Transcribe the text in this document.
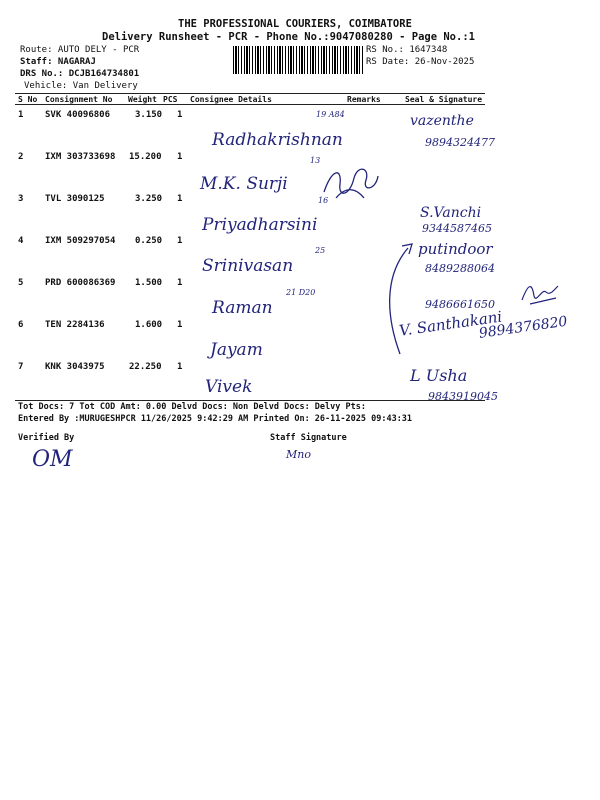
THE PROFESSIONAL COURIERS, COIMBATORE
Delivery Runsheet - PCR - Phone No.:9047080280 - Page No.:1
Route: AUTO DELY - PCR
Staff: NAGARAJ
DRS No.: DCJB164734801
Vehicle: Van Delivery
RS No.: 1647348
RS Date: 26-Nov-2025
S No Consignment No Weight PCS Consignee Details	Remarks	Seal & Signature
1 SVK 40096806	3.150 1
Radhakrishnan
19 A84	vazenthe
9894324477
2 IXM 303733698 15.200 1
M.K. Surji
13
3 TVL 3090125	3.250 1
Priyadharsini
16
S.Vanchi
9344587465
4 IXM 509297054 0.250 1
Srinivasan
25	putindoor
8489288064
5 PRD 600086369 1.500 1
Raman
21 D20
9486661650
6 TEN 2284136	1.600 1
Jayam
V. Santhakani
9894376820
7 KNK 3043975	22.250 1
Vivek
L Usha
9843919045
Tot Docs: 7 Tot COD Amt: 0.00 Delvd Docs: Non Delvd Docs: Delvy Pts:
Entered By :MURUGESHPCR 11/26/2025 9:42:29 AM Printed On: 26-11-2025 09:43:31
Verified By	Staff Signature
OM	Mno
